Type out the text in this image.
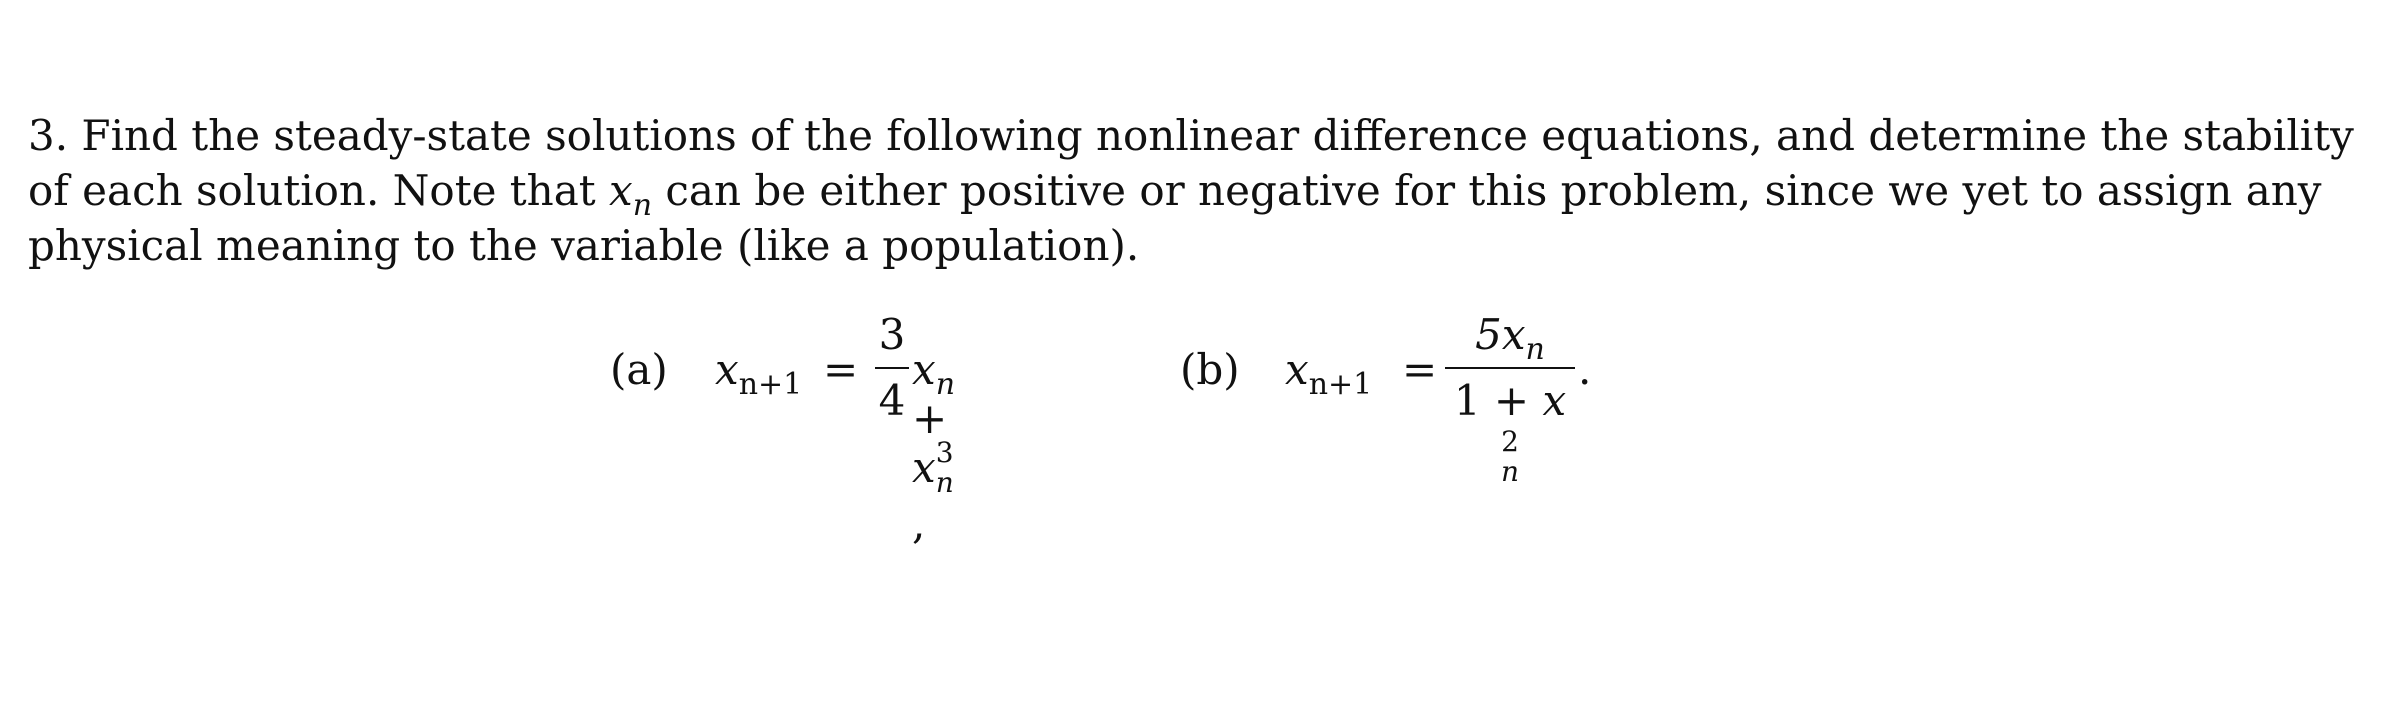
3. Find the steady-state solutions of the following nonlinear difference equations, and determine the stability
of each solution. Note that $x_n$ can be either positive or negative for this problem, since we yet to assign any
physical meaning to the variable (like a population).
(a) $x_{n+1}$ =
3
4
$x_n + x$ 3
n
,
(b) $x_{n+1}$ =
$5x_n$
1 + x
2
n
.
